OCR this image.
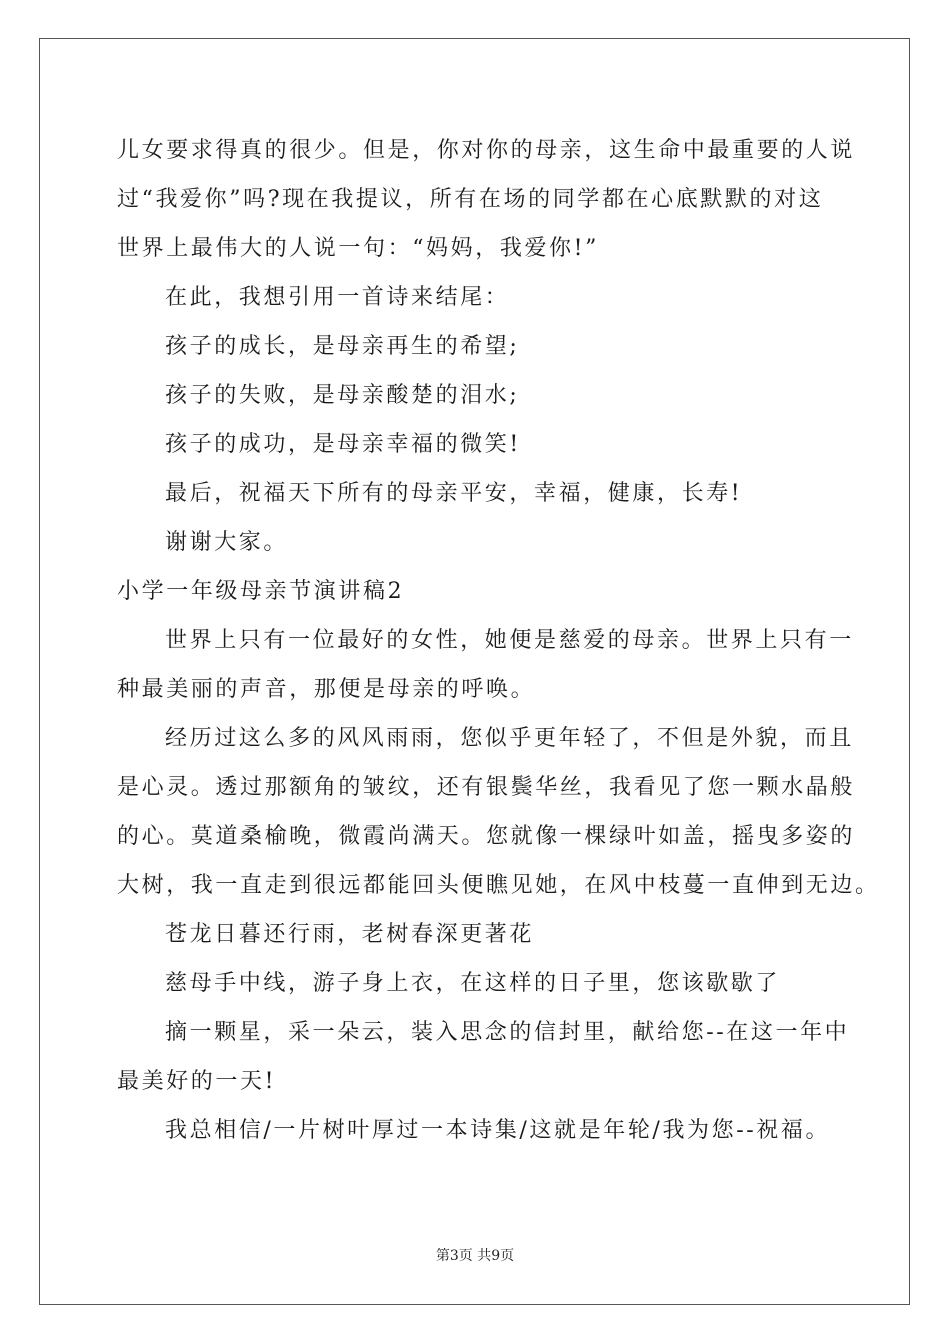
儿女要求得真的很少。但是，你对你的母亲，这生命中最重要的人说
过“我爱你”吗?现在我提议，所有在场的同学都在心底默默的对这
世界上最伟大的人说一句：“妈妈，我爱你!”
在此，我想引用一首诗来结尾：
孩子的成长，是母亲再生的希望;
孩子的失败，是母亲酸楚的泪水;
孩子的成功，是母亲幸福的微笑!
最后，祝福天下所有的母亲平安，幸福，健康，长寿!
谢谢大家。
小学一年级母亲节演讲稿2
世界上只有一位最好的女性，她便是慈爱的母亲。世界上只有一
种最美丽的声音，那便是母亲的呼唤。
经历过这么多的风风雨雨，您似乎更年轻了，不但是外貌，而且
是心灵。透过那额角的皱纹，还有银鬓华丝，我看见了您一颗水晶般
的心。莫道桑榆晚，微霞尚满天。您就像一棵绿叶如盖，摇曳多姿的
大树，我一直走到很远都能回头便瞧见她，在风中枝蔓一直伸到无边。
苍龙日暮还行雨，老树春深更著花
慈母手中线，游子身上衣，在这样的日子里，您该歇歇了
摘一颗星，采一朵云，装入思念的信封里，献给您--在这一年中
最美好的一天!
我总相信/一片树叶厚过一本诗集/这就是年轮/我为您--祝福。
第3页 共9页
